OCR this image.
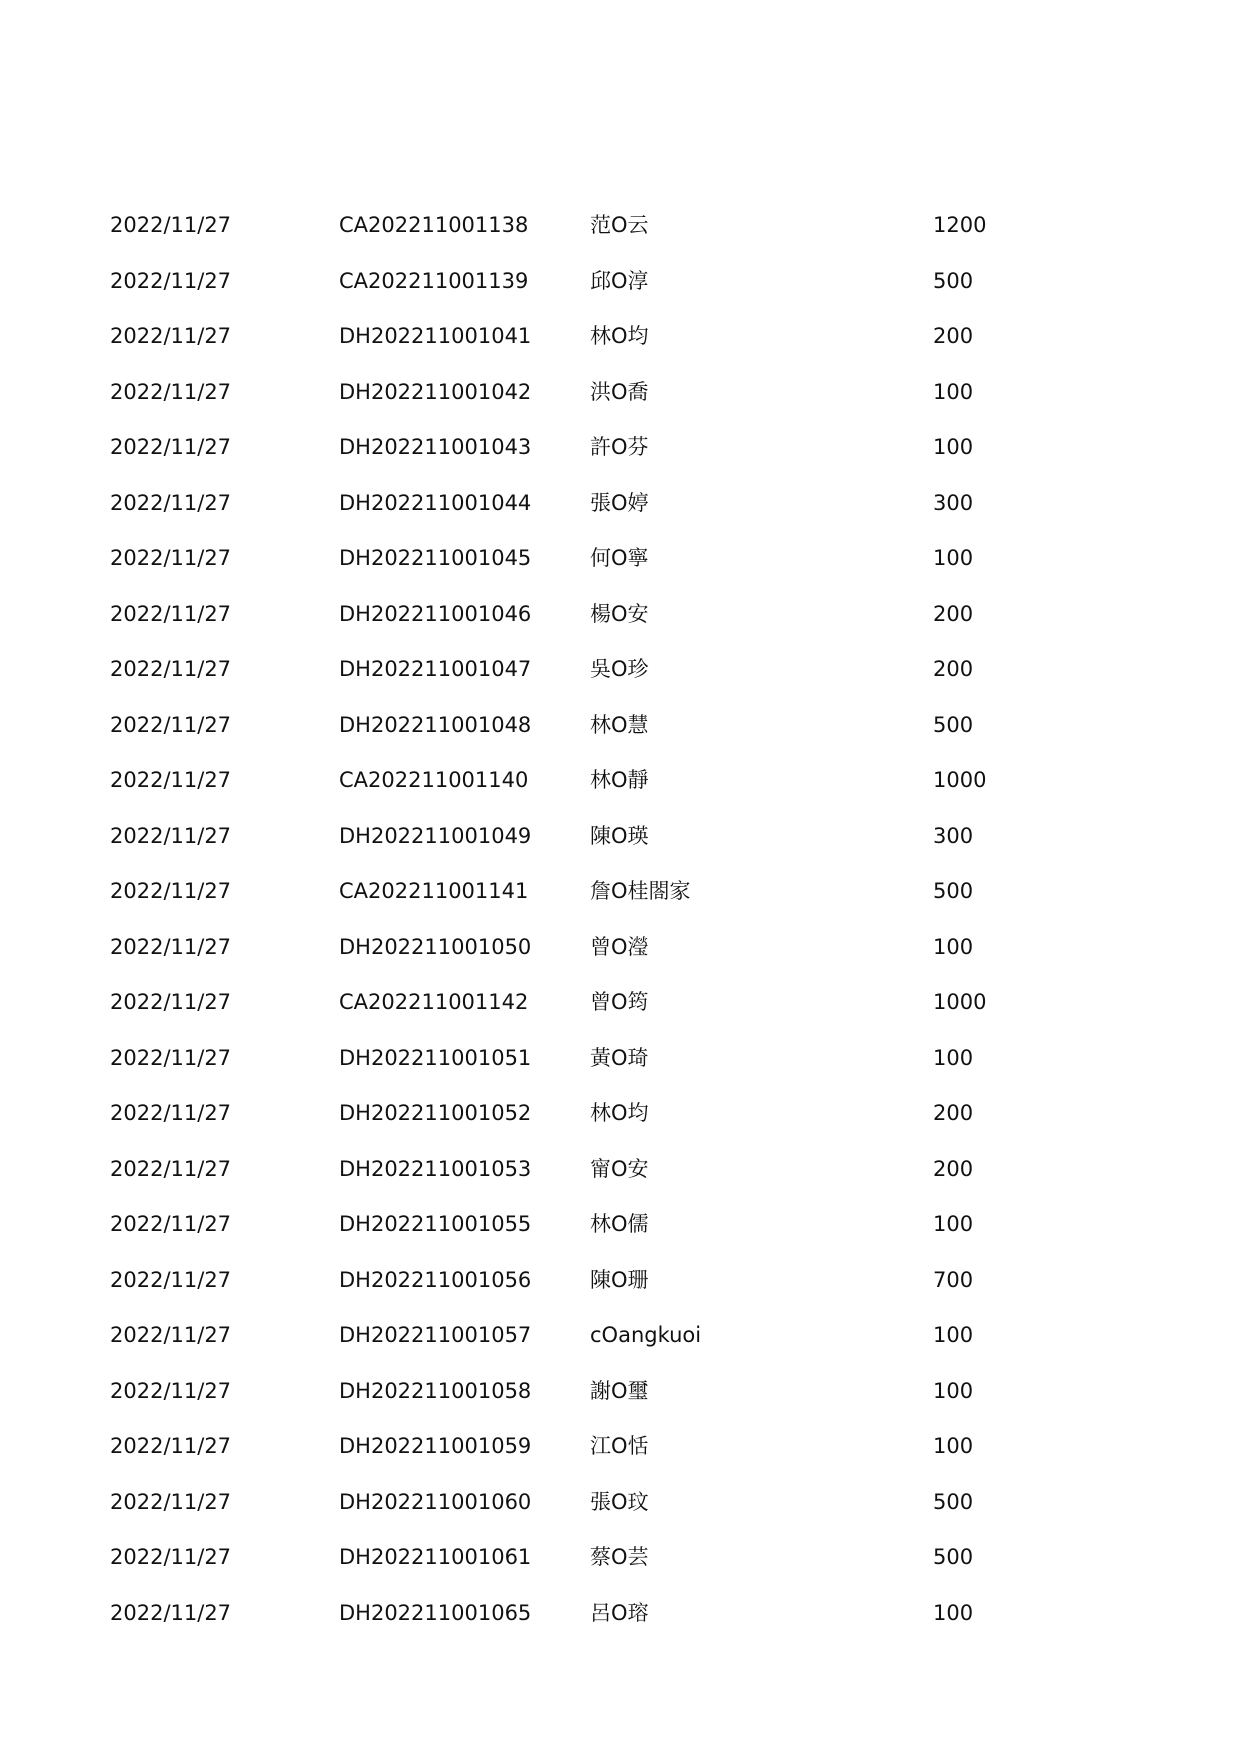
2022/11/27	CA202211001138	范O云	1200
2022/11/27	CA202211001139	邱O淳	500
2022/11/27	DH202211001041	林O均	200
2022/11/27	DH202211001042	洪O喬	100
2022/11/27	DH202211001043	許O芬	100
2022/11/27	DH202211001044	張O婷	300
2022/11/27	DH202211001045	何O寧	100
2022/11/27	DH202211001046	楊O安	200
2022/11/27	DH202211001047	吳O珍	200
2022/11/27	DH202211001048	林O慧	500
2022/11/27	CA202211001140	林O靜	1000
2022/11/27	DH202211001049	陳O瑛	300
2022/11/27	CA202211001141	詹O桂閤家	500
2022/11/27	DH202211001050	曾O瀅	100
2022/11/27	CA202211001142	曾O筠	1000
2022/11/27	DH202211001051	黃O琦	100
2022/11/27	DH202211001052	林O均	200
2022/11/27	DH202211001053	甯O安	200
2022/11/27	DH202211001055	林O儒	100
2022/11/27	DH202211001056	陳O珊	700
2022/11/27	DH202211001057	cOangkuoi	100
2022/11/27	DH202211001058	謝O璽	100
2022/11/27	DH202211001059	江O恬	100
2022/11/27	DH202211001060	張O玟	500
2022/11/27	DH202211001061	蔡O芸	500
2022/11/27	DH202211001065	呂O瑢	100
